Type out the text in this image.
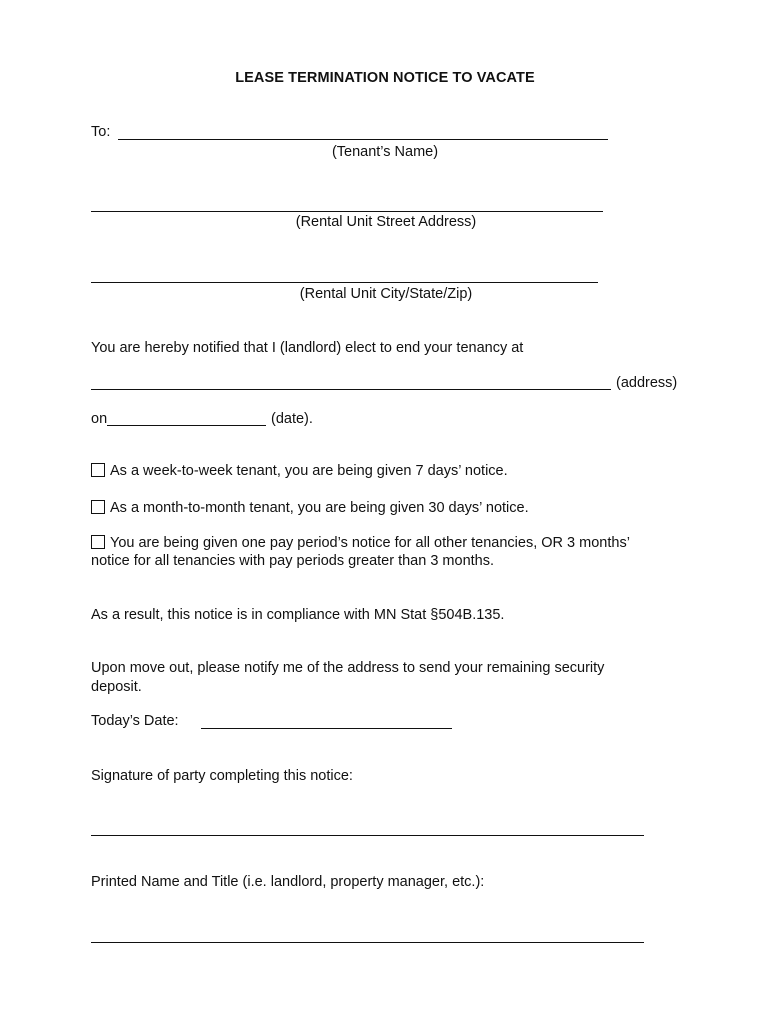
LEASE TERMINATION NOTICE TO VACATE
To:
(Tenant’s Name)
(Rental Unit Street Address)
(Rental Unit City/State/Zip)
You are hereby notified that I (landlord) elect to end your tenancy at
(address)
on	(date).
As a week-to-week tenant, you are being given 7 days’ notice.
As a month-to-month tenant, you are being given 30 days’ notice.
You are being given one pay period’s notice for all other tenancies, OR 3 months’
notice for all tenancies with pay periods greater than 3 months.
As a result, this notice is in compliance with MN Stat §504B.135.
Upon move out, please notify me of the address to send your remaining security
deposit.
Today’s Date:
Signature of party completing this notice:
Printed Name and Title (i.e. landlord, property manager, etc.):
